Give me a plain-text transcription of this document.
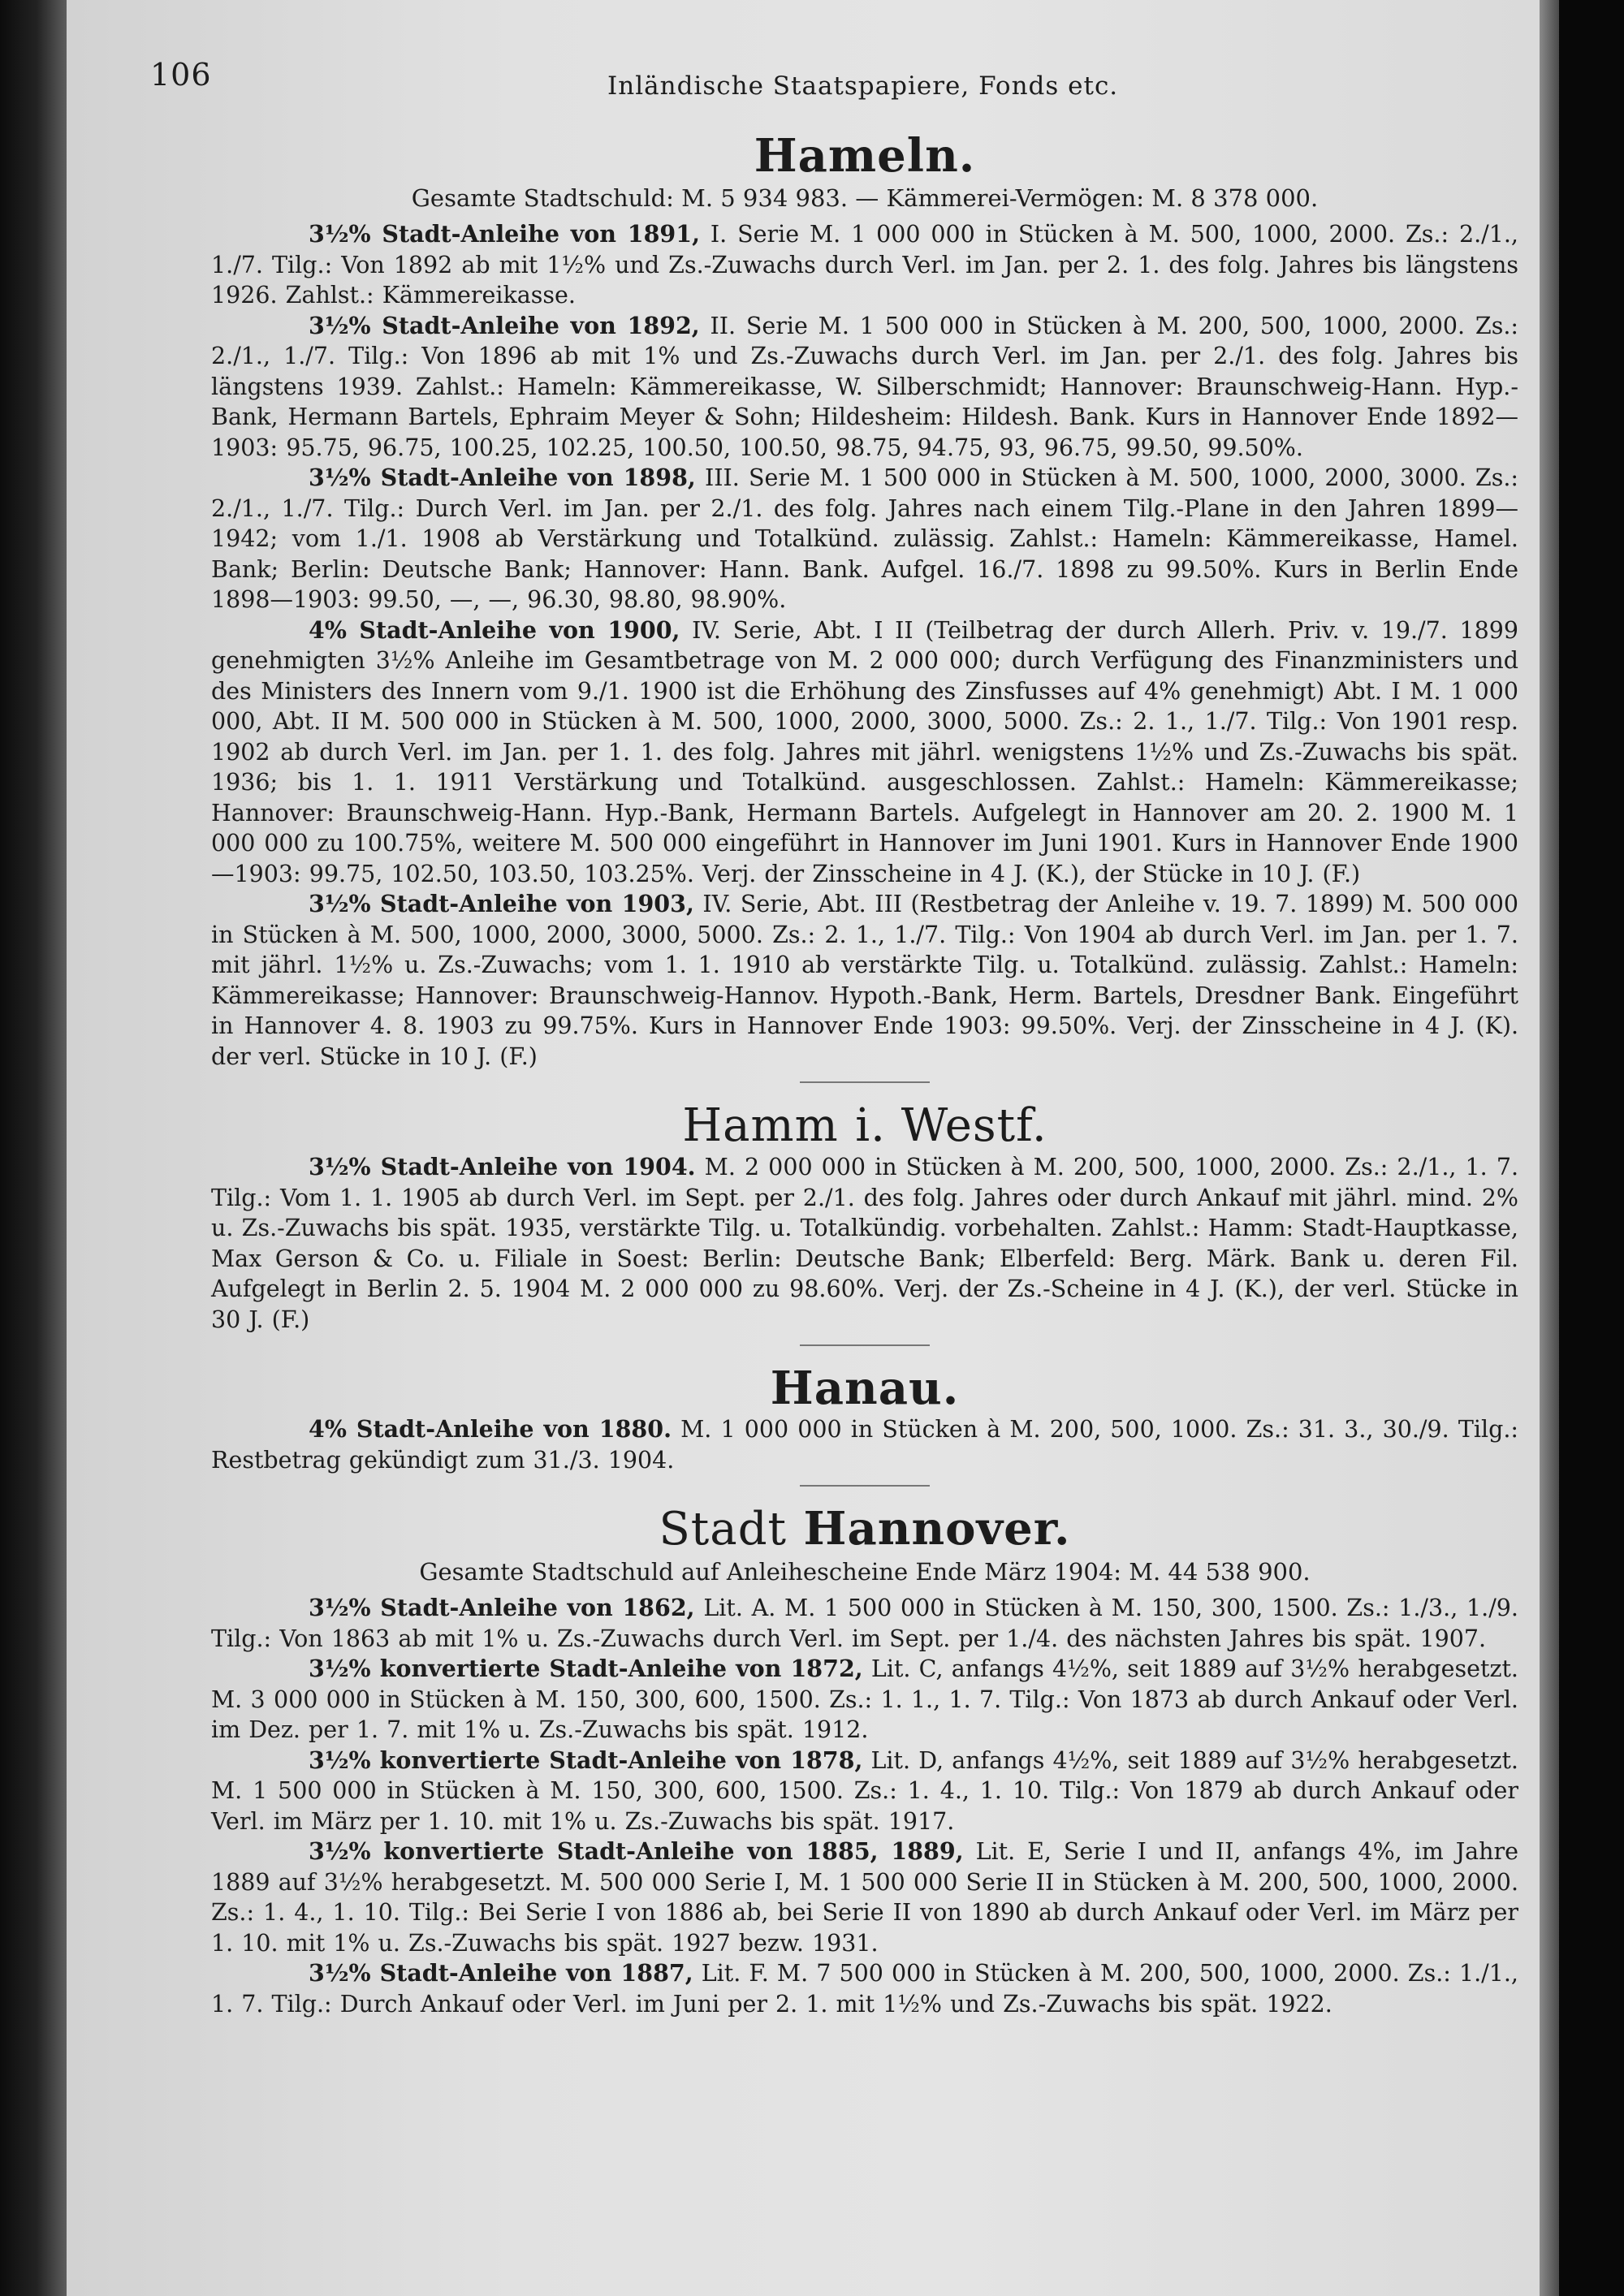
106	Inländische Staatspapiere, Fonds etc.
Hameln.

Gesamte Stadtschuld: M. 5 934 983. — Kämmerei-Vermögen: M. 8 378 000.

3½% Stadt-Anleihe von 1891, I. Serie M. 1 000 000 in Stücken à M. 500, 1000, 2000. Zs.: 2./1., 1./7. Tilg.: Von 1892 ab mit 1½% und Zs.-Zuwachs durch Verl. im Jan. per 2. 1. des folg. Jahres bis längstens 1926. Zahlst.: Kämmereikasse.

3½% Stadt-Anleihe von 1892, II. Serie M. 1 500 000 in Stücken à M. 200, 500, 1000, 2000. Zs.: 2./1., 1./7. Tilg.: Von 1896 ab mit 1% und Zs.-Zuwachs durch Verl. im Jan. per 2./1. des folg. Jahres bis längstens 1939. Zahlst.: Hameln: Kämmereikasse, W. Silberschmidt; Hannover: Braunschweig-Hann. Hyp.-Bank, Hermann Bartels, Ephraim Meyer & Sohn; Hildesheim: Hildesh. Bank. Kurs in Hannover Ende 1892—1903: 95.75, 96.75, 100.25, 102.25, 100.50, 100.50, 98.75, 94.75, 93, 96.75, 99.50, 99.50%.

3½% Stadt-Anleihe von 1898, III. Serie M. 1 500 000 in Stücken à M. 500, 1000, 2000, 3000. Zs.: 2./1., 1./7. Tilg.: Durch Verl. im Jan. per 2./1. des folg. Jahres nach einem Tilg.-Plane in den Jahren 1899—1942; vom 1./1. 1908 ab Verstärkung und Totalkünd. zulässig. Zahlst.: Hameln: Kämmereikasse, Hamel. Bank; Berlin: Deutsche Bank; Hannover: Hann. Bank. Aufgel. 16./7. 1898 zu 99.50%. Kurs in Berlin Ende 1898—1903: 99.50, —, —, 96.30, 98.80, 98.90%.

4% Stadt-Anleihe von 1900, IV. Serie, Abt. I II (Teilbetrag der durch Allerh. Priv. v. 19./7. 1899 genehmigten 3½% Anleihe im Gesamtbetrage von M. 2 000 000; durch Verfügung des Finanzministers und des Ministers des Innern vom 9./1. 1900 ist die Erhöhung des Zinsfusses auf 4% genehmigt) Abt. I M. 1 000 000, Abt. II M. 500 000 in Stücken à M. 500, 1000, 2000, 3000, 5000. Zs.: 2. 1., 1./7. Tilg.: Von 1901 resp. 1902 ab durch Verl. im Jan. per 1. 1. des folg. Jahres mit jährl. wenigstens 1½% und Zs.-Zuwachs bis spät. 1936; bis 1. 1. 1911 Verstärkung und Totalkünd. ausgeschlossen. Zahlst.: Hameln: Kämmereikasse; Hannover: Braunschweig-Hann. Hyp.-Bank, Hermann Bartels. Aufgelegt in Hannover am 20. 2. 1900 M. 1 000 000 zu 100.75%, weitere M. 500 000 eingeführt in Hannover im Juni 1901. Kurs in Hannover Ende 1900—1903: 99.75, 102.50, 103.50, 103.25%. Verj. der Zinsscheine in 4 J. (K.), der Stücke in 10 J. (F.)

3½% Stadt-Anleihe von 1903, IV. Serie, Abt. III (Restbetrag der Anleihe v. 19. 7. 1899) M. 500 000 in Stücken à M. 500, 1000, 2000, 3000, 5000. Zs.: 2. 1., 1./7. Tilg.: Von 1904 ab durch Verl. im Jan. per 1. 7. mit jährl. 1½% u. Zs.-Zuwachs; vom 1. 1. 1910 ab verstärkte Tilg. u. Totalkünd. zulässig. Zahlst.: Hameln: Kämmereikasse; Hannover: Braunschweig-Hannov. Hypoth.-Bank, Herm. Bartels, Dresdner Bank. Eingeführt in Hannover 4. 8. 1903 zu 99.75%. Kurs in Hannover Ende 1903: 99.50%. Verj. der Zinsscheine in 4 J. (K). der verl. Stücke in 10 J. (F.)

Hamm i. Westf.

3½% Stadt-Anleihe von 1904. M. 2 000 000 in Stücken à M. 200, 500, 1000, 2000. Zs.: 2./1., 1. 7. Tilg.: Vom 1. 1. 1905 ab durch Verl. im Sept. per 2./1. des folg. Jahres oder durch Ankauf mit jährl. mind. 2% u. Zs.-Zuwachs bis spät. 1935, verstärkte Tilg. u. Totalkündig. vorbehalten. Zahlst.: Hamm: Stadt-Hauptkasse, Max Gerson & Co. u. Filiale in Soest: Berlin: Deutsche Bank; Elberfeld: Berg. Märk. Bank u. deren Fil. Aufgelegt in Berlin 2. 5. 1904 M. 2 000 000 zu 98.60%. Verj. der Zs.-Scheine in 4 J. (K.), der verl. Stücke in 30 J. (F.)

Hanau.

4% Stadt-Anleihe von 1880. M. 1 000 000 in Stücken à M. 200, 500, 1000. Zs.: 31. 3., 30./9. Tilg.: Restbetrag gekündigt zum 31./3. 1904.

Stadt Hannover.

Gesamte Stadtschuld auf Anleihescheine Ende März 1904: M. 44 538 900.

3½% Stadt-Anleihe von 1862, Lit. A. M. 1 500 000 in Stücken à M. 150, 300, 1500. Zs.: 1./3., 1./9. Tilg.: Von 1863 ab mit 1% u. Zs.-Zuwachs durch Verl. im Sept. per 1./4. des nächsten Jahres bis spät. 1907.

3½% konvertierte Stadt-Anleihe von 1872, Lit. C, anfangs 4½%, seit 1889 auf 3½% herabgesetzt. M. 3 000 000 in Stücken à M. 150, 300, 600, 1500. Zs.: 1. 1., 1. 7. Tilg.: Von 1873 ab durch Ankauf oder Verl. im Dez. per 1. 7. mit 1% u. Zs.-Zuwachs bis spät. 1912.

3½% konvertierte Stadt-Anleihe von 1878, Lit. D, anfangs 4½%, seit 1889 auf 3½% herabgesetzt. M. 1 500 000 in Stücken à M. 150, 300, 600, 1500. Zs.: 1. 4., 1. 10. Tilg.: Von 1879 ab durch Ankauf oder Verl. im März per 1. 10. mit 1% u. Zs.-Zuwachs bis spät. 1917.

3½% konvertierte Stadt-Anleihe von 1885, 1889, Lit. E, Serie I und II, anfangs 4%, im Jahre 1889 auf 3½% herabgesetzt. M. 500 000 Serie I, M. 1 500 000 Serie II in Stücken à M. 200, 500, 1000, 2000. Zs.: 1. 4., 1. 10. Tilg.: Bei Serie I von 1886 ab, bei Serie II von 1890 ab durch Ankauf oder Verl. im März per 1. 10. mit 1% u. Zs.-Zuwachs bis spät. 1927 bezw. 1931.

3½% Stadt-Anleihe von 1887, Lit. F. M. 7 500 000 in Stücken à M. 200, 500, 1000, 2000. Zs.: 1./1., 1. 7. Tilg.: Durch Ankauf oder Verl. im Juni per 2. 1. mit 1½% und Zs.-Zuwachs bis spät. 1922.
